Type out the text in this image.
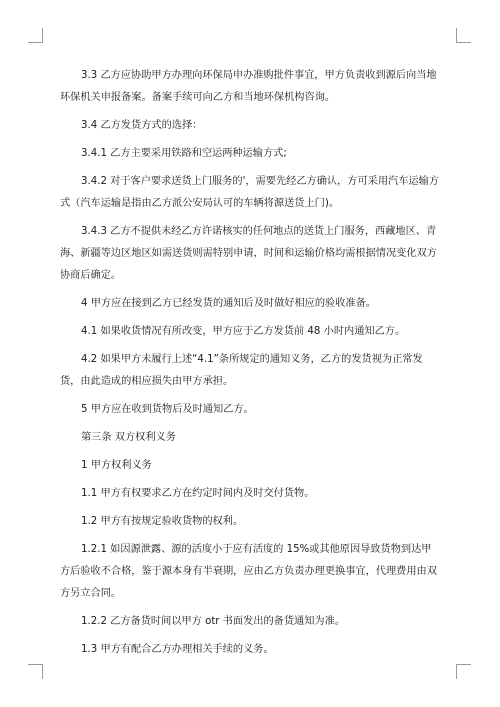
3.3 乙方应协助甲方办理向环保局申办准购批件事宜，甲方负责收到源后向当地环保机关申报备案。备案手续可向乙方和当地环保机构咨询。

3.4 乙方发货方式的选择：

3.4.1 乙方主要采用铁路和空运两种运输方式;

3.4.2 对于客户要求送货上门服务的'，需要先经乙方确认，方可采用汽车运输方式（汽车运输是指由乙方派公安局认可的车辆将源送货上门)。

3.4.3 乙方不提供未经乙方许诺核实的任何地点的送货上门服务，西藏地区、青海、新疆等边区地区如需送货则需特别申请，时间和运输价格均需根据情况变化双方协商后确定。

4 甲方应在接到乙方已经发货的通知后及时做好相应的验收准备。

4.1 如果收货情况有所改变，甲方应于乙方发货前 48 小时内通知乙方。

4.2 如果甲方未履行上述“4.1”条所规定的通知义务，乙方的发货视为正常发货，由此造成的相应损失由甲方承担。

5 甲方应在收到货物后及时通知乙方。

第三条 双方权利义务

1 甲方权利义务

1.1 甲方有权要求乙方在约定时间内及时交付货物。

1.2 甲方有按规定验收货物的权利。

1.2.1 如因源泄露、源的活度小于应有活度的 15%或其他原因导致货物到达甲方后验收不合格，鉴于源本身有半衰期，应由乙方负责办理更换事宜，代理费用由双方另立合同。

1.2.2 乙方备货时间以甲方 otr 书面发出的备货通知为准。

1.3 甲方有配合乙方办理相关手续的义务。
